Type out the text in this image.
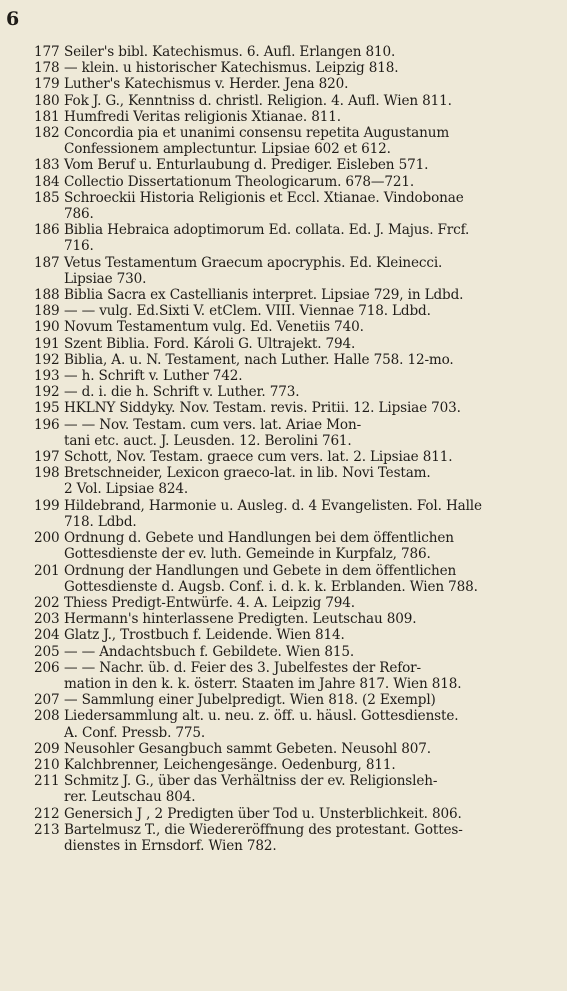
6
177 Seiler's bibl. Katechismus. 6. Aufl. Erlangen 810.
178 — klein. u historischer Katechismus. Leipzig 818.
179 Luther's Katechismus v. Herder. Jena 820.
180 Fok J. G., Kenntniss d. christl. Religion. 4. Aufl. Wien 811.
181 Humfredi Veritas religionis Xtianae. 811.
182 Concordia pia et unanimi consensu repetita Augustanum
Confessionem amplectuntur. Lipsiae 602 et 612.
183 Vom Beruf u. Enturlaubung d. Prediger. Eisleben 571.
184 Collectio Dissertationum Theologicarum. 678—721.
185 Schroeckii Historia Religionis et Eccl. Xtianae. Vindobonae
786.
186 Biblia Hebraica adoptimorum Ed. collata. Ed. J. Majus. Frcf.
716.
187 Vetus Testamentum Graecum apocryphis. Ed. Kleinecci.
Lipsiae 730.
188 Biblia Sacra ex Castellianis interpret. Lipsiae 729, in Ldbd.
189 — — vulg. Ed.Sixti V. etClem. VIII. Viennae 718. Ldbd.
190 Novum Testamentum vulg. Ed. Venetiis 740.
191 Szent Biblia. Ford. Károli G. Ultrajekt. 794.
192 Biblia, A. u. N. Testament, nach Luther. Halle 758. 12-mo.
193 — h. Schrift v. Luther 742.
192 — d. i. die h. Schrift v. Luther. 773.
195 HKLNY Siddyky. Nov. Testam. revis. Pritii. 12. Lipsiae 703.
196 — — Nov. Testam. cum vers. lat. Ariae Mon-
tani etc. auct. J. Leusden. 12. Berolini 761.
197 Schott, Nov. Testam. graece cum vers. lat. 2. Lipsiae 811.
198 Bretschneider, Lexicon graeco-lat. in lib. Novi Testam.
2 Vol. Lipsiae 824.
199 Hildebrand, Harmonie u. Ausleg. d. 4 Evangelisten. Fol. Halle
718. Ldbd.
200 Ordnung d. Gebete und Handlungen bei dem öffentlichen
Gottesdienste der ev. luth. Gemeinde in Kurpfalz, 786.
201 Ordnung der Handlungen und Gebete in dem öffentlichen
Gottesdienste d. Augsb. Conf. i. d. k. k. Erblanden. Wien 788.
202 Thiess Predigt-Entwürfe. 4. A. Leipzig 794.
203 Hermann's hinterlassene Predigten. Leutschau 809.
204 Glatz J., Trostbuch f. Leidende. Wien 814.
205 — — Andachtsbuch f. Gebildete. Wien 815.
206 — — Nachr. üb. d. Feier des 3. Jubelfestes der Refor-
mation in den k. k. österr. Staaten im Jahre 817. Wien 818.
207 — Sammlung einer Jubelpredigt. Wien 818. (2 Exempl)
208 Liedersammlung alt. u. neu. z. öff. u. häusl. Gottesdienste.
A. Conf. Pressb. 775.
209 Neusohler Gesangbuch sammt Gebeten. Neusohl 807.
210 Kalchbrenner, Leichengesänge. Oedenburg, 811.
211 Schmitz J. G., über das Verhältniss der ev. Religionsleh-
rer. Leutschau 804.
212 Genersich J , 2 Predigten über Tod u. Unsterblichkeit. 806.
213 Bartelmusz T., die Wiedereröffnung des protestant. Gottes-
dienstes in Ernsdorf. Wien 782.
